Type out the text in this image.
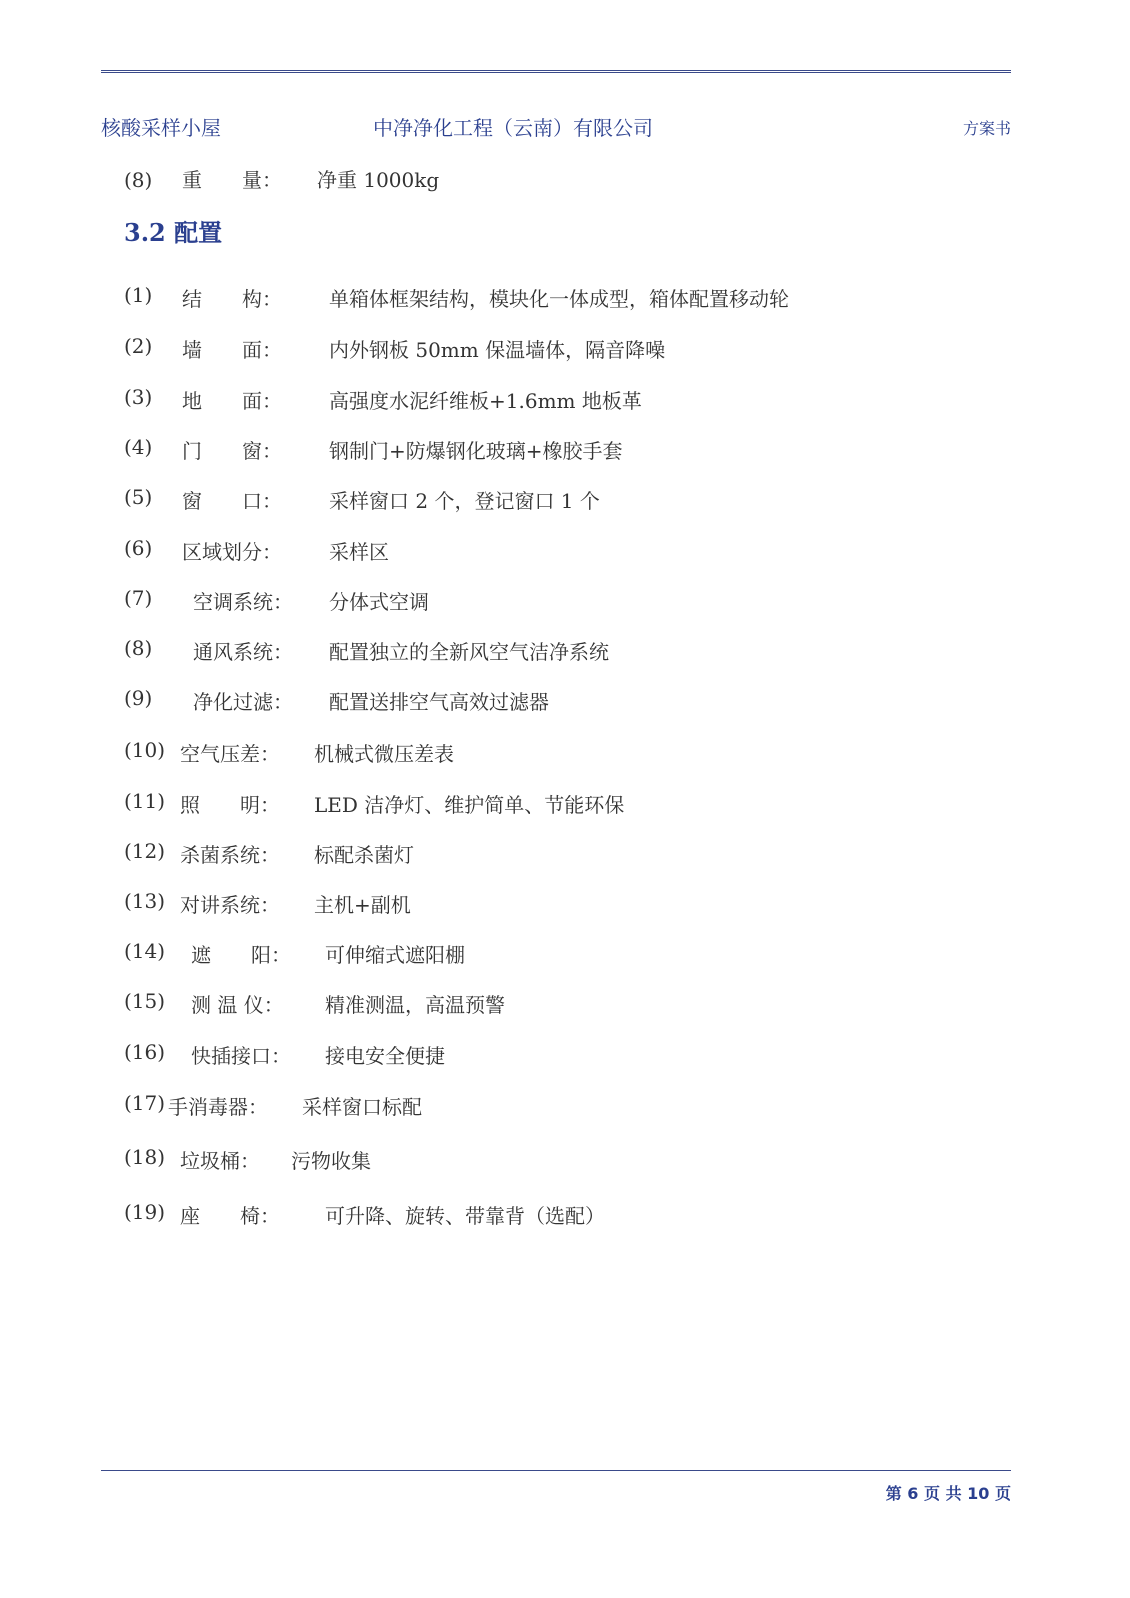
核酸采样小屋	中净净化工程（云南）有限公司	方案书
(8) 重　　量： 净重 1000kg
3.2 配置
(1) 结　　构： 单箱体框架结构，模块化一体成型，箱体配置移动轮
(2) 墙　　面： 内外钢板 50mm 保温墙体，隔音降噪
(3) 地　　面： 高强度水泥纤维板+1.6mm 地板革
(4) 门　　窗： 钢制门+防爆钢化玻璃+橡胶手套
(5) 窗　　口： 采样窗口 2 个，登记窗口 1 个
(6) 区域划分： 采样区
(7) 空调系统： 分体式空调
(8) 通风系统： 配置独立的全新风空气洁净系统
(9) 净化过滤： 配置送排空气高效过滤器
(10) 空气压差： 机械式微压差表
(11) 照　　明： LED 洁净灯、维护简单、节能环保
(12) 杀菌系统： 标配杀菌灯
(13) 对讲系统： 主机+副机
(14) 遮　　阳： 可伸缩式遮阳棚
(15) 测 温 仪： 精准测温，高温预警
(16) 快插接口： 接电安全便捷
(17) 手消毒器： 采样窗口标配
(18) 垃圾桶： 污物收集
(19) 座　　椅： 可升降、旋转、带靠背（选配）
第 6 页 共 10 页
